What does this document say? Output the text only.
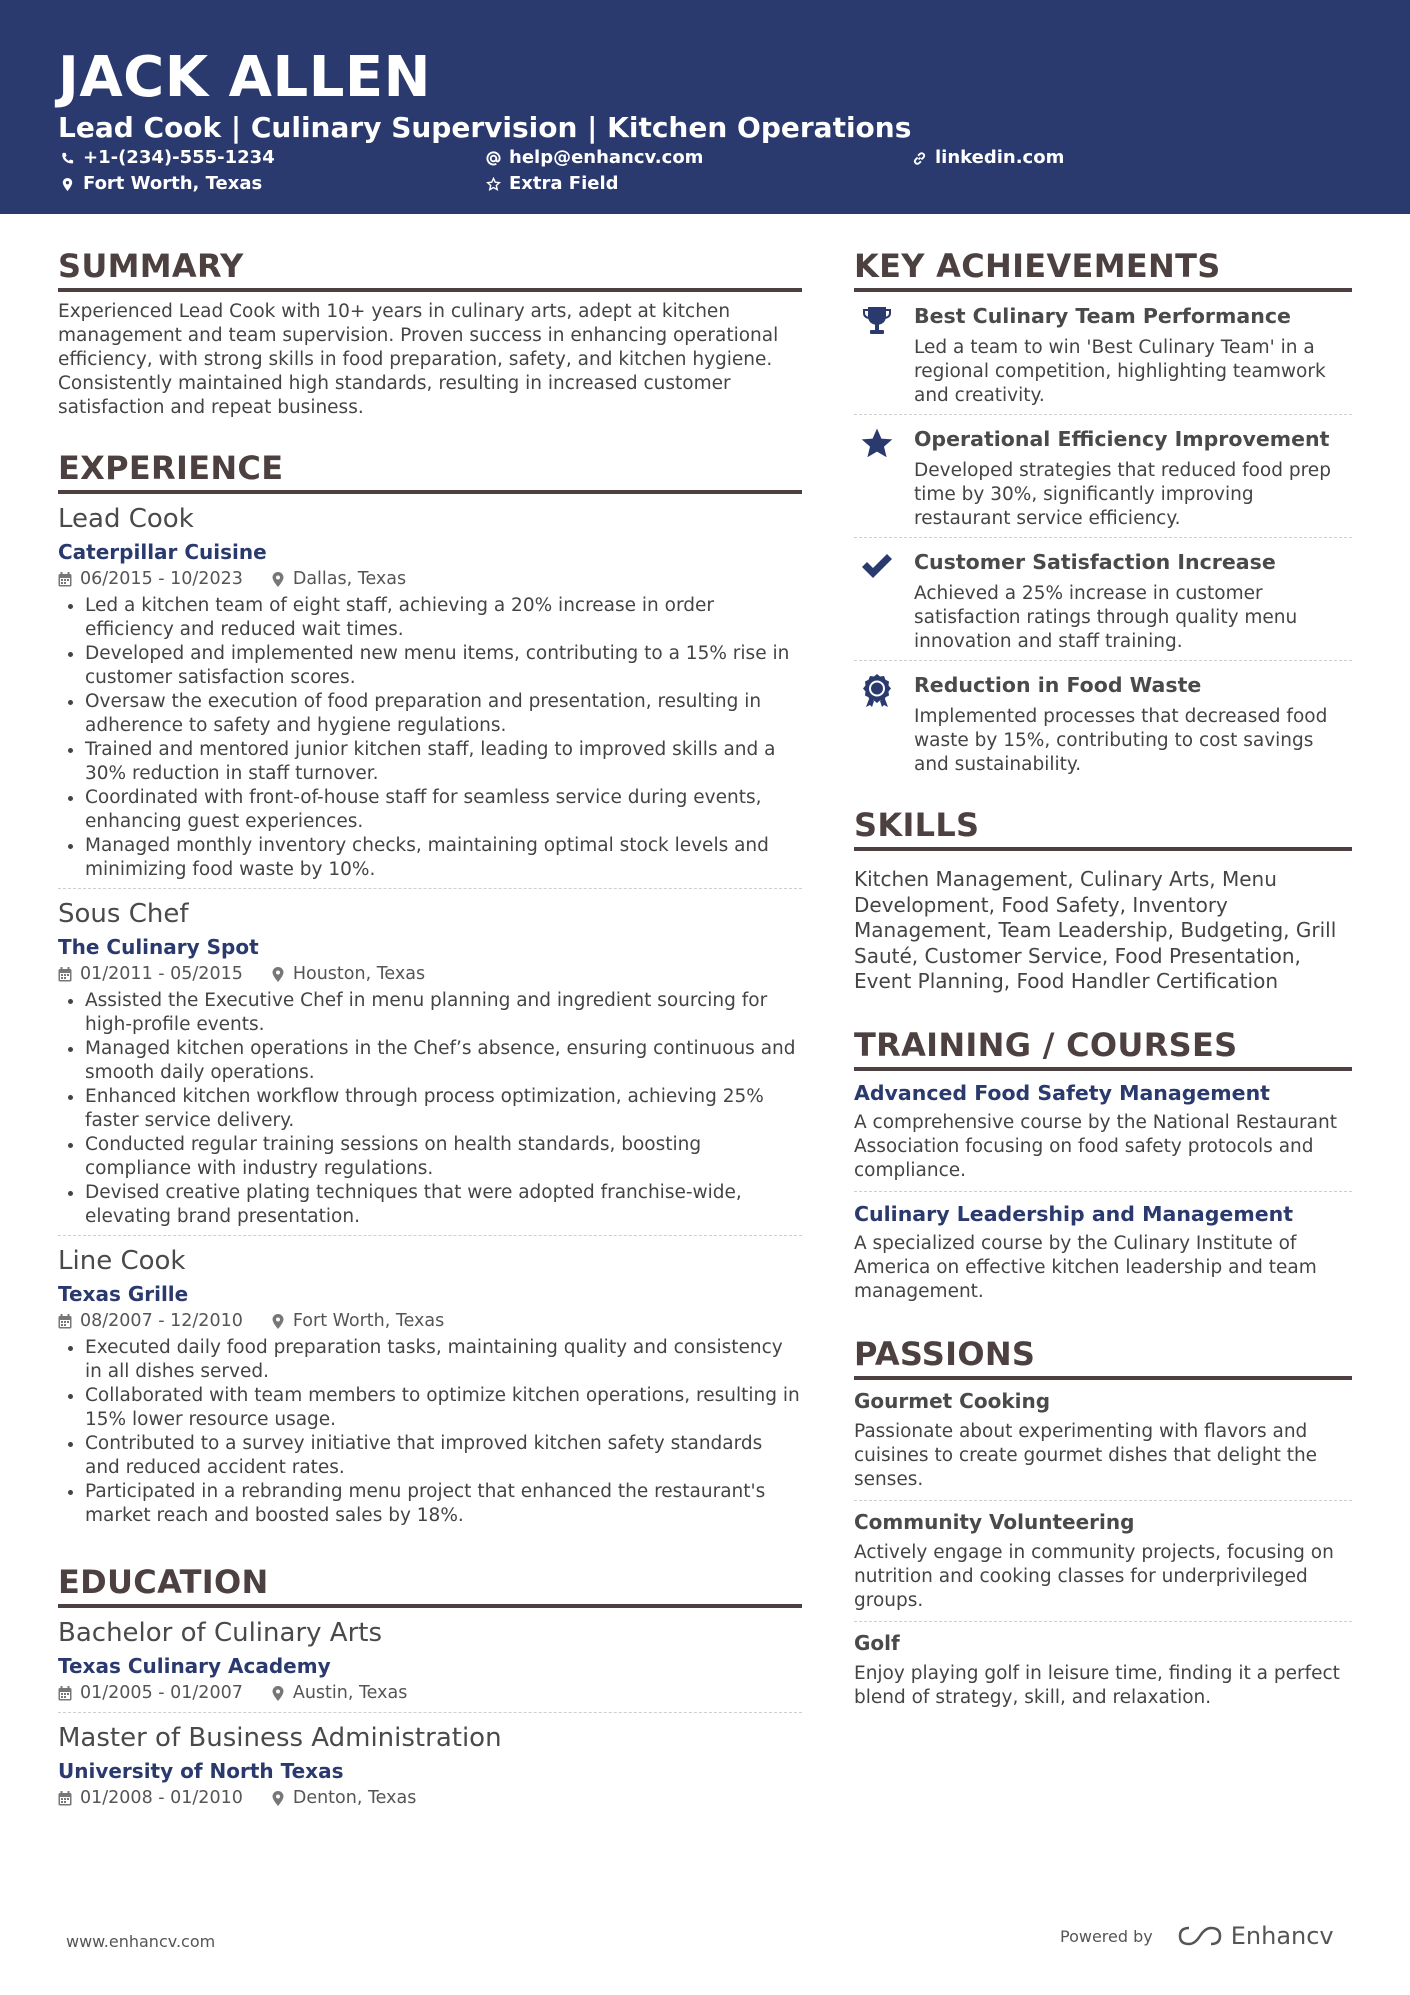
JACK ALLEN
Lead Cook | Culinary Supervision | Kitchen Operations
+1-(234)-555-1234	help@enhancv.com	linkedin.com
Fort Worth, Texas	Extra Field
SUMMARY

Experienced Lead Cook with 10+ years in culinary arts, adept at kitchen management and team supervision. Proven success in enhancing operational efficiency, with strong skills in food preparation, safety, and kitchen hygiene. Consistently maintained high standards, resulting in increased customer satisfaction and repeat business.

EXPERIENCE
Lead Cook
Caterpillar Cuisine
06/2015 - 10/2023	Dallas, Texas
Led a kitchen team of eight staff, achieving a 20% increase in order efficiency and reduced wait times.
Developed and implemented new menu items, contributing to a 15% rise in customer satisfaction scores.
Oversaw the execution of food preparation and presentation, resulting in adherence to safety and hygiene regulations.
Trained and mentored junior kitchen staff, leading to improved skills and a 30% reduction in staff turnover.
Coordinated with front-of-house staff for seamless service during events, enhancing guest experiences.
Managed monthly inventory checks, maintaining optimal stock levels and minimizing food waste by 10%.
Sous Chef
The Culinary Spot
01/2011 - 05/2015	Houston, Texas
Assisted the Executive Chef in menu planning and ingredient sourcing for high-profile events.
Managed kitchen operations in the Chef’s absence, ensuring continuous and smooth daily operations.
Enhanced kitchen workflow through process optimization, achieving 25% faster service delivery.
Conducted regular training sessions on health standards, boosting compliance with industry regulations.
Devised creative plating techniques that were adopted franchise-wide, elevating brand presentation.
Line Cook
Texas Grille
08/2007 - 12/2010	Fort Worth, Texas
Executed daily food preparation tasks, maintaining quality and consistency in all dishes served.
Collaborated with team members to optimize kitchen operations, resulting in 15% lower resource usage.
Contributed to a survey initiative that improved kitchen safety standards and reduced accident rates.
Participated in a rebranding menu project that enhanced the restaurant's market reach and boosted sales by 18%.
EDUCATION
Bachelor of Culinary Arts
Texas Culinary Academy
01/2005 - 01/2007	Austin, Texas
Master of Business Administration
University of North Texas
01/2008 - 01/2010	Denton, Texas
KEY ACHIEVEMENTS
Best Culinary Team Performance
Led a team to win 'Best Culinary Team' in a regional competition, highlighting teamwork and creativity.
Operational Efficiency Improvement
Developed strategies that reduced food prep time by 30%, significantly improving restaurant service efficiency.
Customer Satisfaction Increase
Achieved a 25% increase in customer satisfaction ratings through quality menu innovation and staff training.
Reduction in Food Waste
Implemented processes that decreased food waste by 15%, contributing to cost savings and sustainability.
SKILLS

Kitchen Management, Culinary Arts, Menu Development, Food Safety, Inventory Management, Team Leadership, Budgeting, Grill Sauté, Customer Service, Food Presentation, Event Planning, Food Handler Certification

TRAINING / COURSES
Advanced Food Safety Management
A comprehensive course by the National Restaurant Association focusing on food safety protocols and compliance.
Culinary Leadership and Management
A specialized course by the Culinary Institute of America on effective kitchen leadership and team management.
PASSIONS
Gourmet Cooking
Passionate about experimenting with flavors and cuisines to create gourmet dishes that delight the senses.
Community Volunteering
Actively engage in community projects, focusing on nutrition and cooking classes for underprivileged groups.
Golf
Enjoy playing golf in leisure time, finding it a perfect blend of strategy, skill, and relaxation.
www.enhancv.com	Powered by	Enhancv
